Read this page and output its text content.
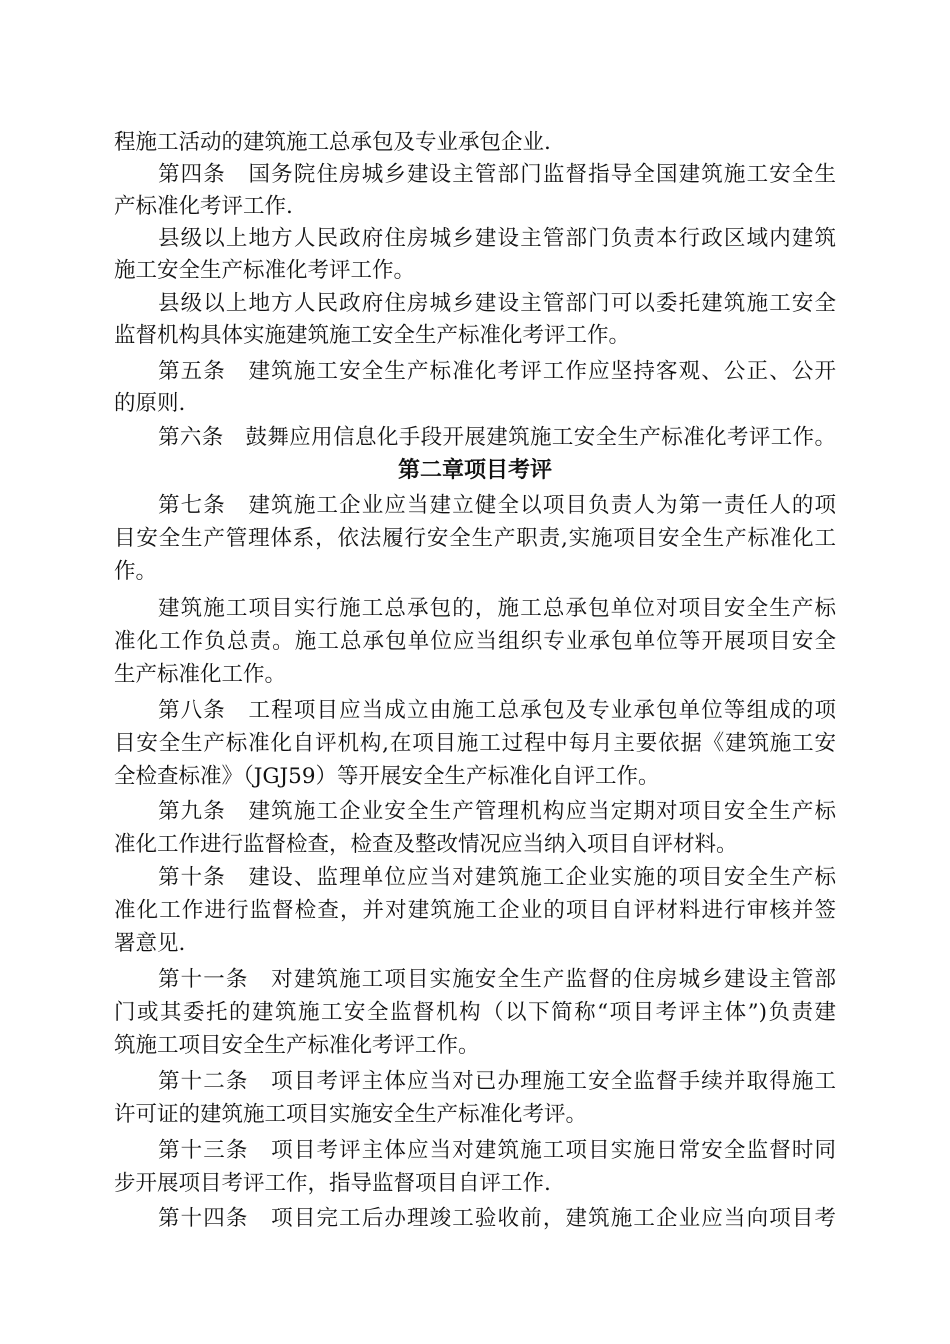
程施工活动的建筑施工总承包及专业承包企业.
第四条　国务院住房城乡建设主管部门监督指导全国建筑施工安全生
产标准化考评工作.
县级以上地方人民政府住房城乡建设主管部门负责本行政区域内建筑
施工安全生产标准化考评工作。
县级以上地方人民政府住房城乡建设主管部门可以委托建筑施工安全
监督机构具体实施建筑施工安全生产标准化考评工作。
第五条　建筑施工安全生产标准化考评工作应坚持客观、公正、公开
的原则.
第六条　鼓舞应用信息化手段开展建筑施工安全生产标准化考评工作。
第二章项目考评
第七条　建筑施工企业应当建立健全以项目负责人为第一责任人的项
目安全生产管理体系，依法履行安全生产职责,实施项目安全生产标准化工
作。
建筑施工项目实行施工总承包的，施工总承包单位对项目安全生产标
准化工作负总责。施工总承包单位应当组织专业承包单位等开展项目安全
生产标准化工作。
第八条　工程项目应当成立由施工总承包及专业承包单位等组成的项
目安全生产标准化自评机构,在项目施工过程中每月主要依据《建筑施工安
全检查标准》（JGJ59）等开展安全生产标准化自评工作。
第九条　建筑施工企业安全生产管理机构应当定期对项目安全生产标
准化工作进行监督检查，检查及整改情况应当纳入项目自评材料。
第十条　建设、监理单位应当对建筑施工企业实施的项目安全生产标
准化工作进行监督检查，并对建筑施工企业的项目自评材料进行审核并签
署意见.
第十一条　对建筑施工项目实施安全生产监督的住房城乡建设主管部
门或其委托的建筑施工安全监督机构（以下简称“项目考评主体”)负责建
筑施工项目安全生产标准化考评工作。
第十二条　项目考评主体应当对已办理施工安全监督手续并取得施工
许可证的建筑施工项目实施安全生产标准化考评。
第十三条　项目考评主体应当对建筑施工项目实施日常安全监督时同
步开展项目考评工作，指导监督项目自评工作.
第十四条　项目完工后办理竣工验收前，建筑施工企业应当向项目考
